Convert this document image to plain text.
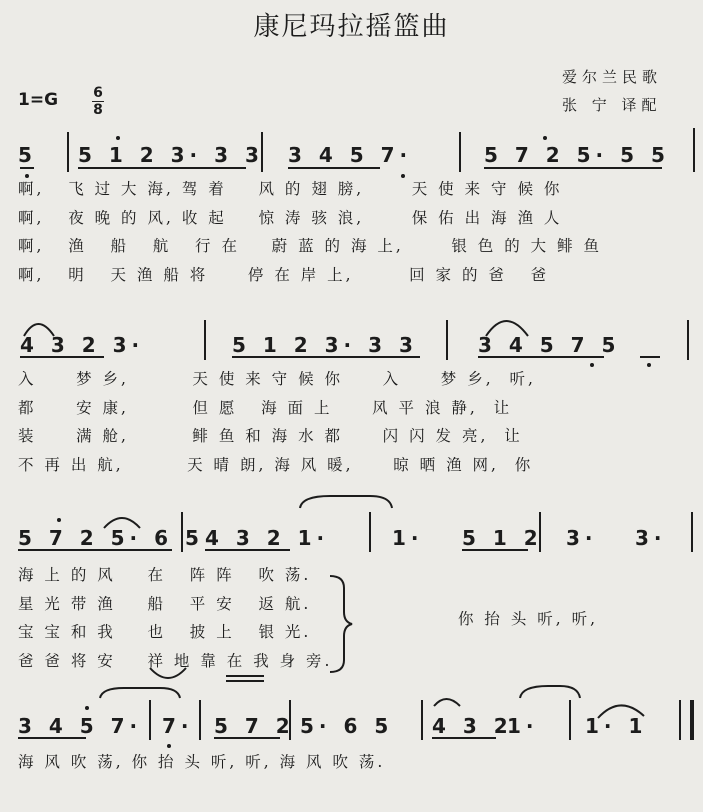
康尼玛拉摇篮曲
爱尔兰民歌
张 宁 译配
1=G	6
8
5 5 1 2 3· 3 3 3 4 5 7·	5 7 2 5· 5 5
啊,   飞 过 大 海, 驾 着    风 的 翅 膀,      天 使 来 守 候 你
啊,   夜 晚 的 风, 收 起    惊 涛 骇 浪,      保 佑 出 海 渔 人
啊,   渔   船   航   行 在    蔚 蓝 的 海 上,      银 色 的 大 鲱 鱼
啊,   明   天 渔 船 将     停 在 岸 上,       回 家 的 爸   爸
4 3 2 3·	5 1 2 3· 3 3	3 4 5 7 5
入     梦 乡,        天 使 来 守 候 你     入     梦 乡,  听,
都     安 康,        但 愿   海 面 上     风 平 浪 静,  让
装     满 舱,        鲱 鱼 和 海 水 都     闪 闪 发 亮,  让
不 再 出 航,        天 晴 朗, 海 风 暖,     晾 晒 渔 网,  你
5 7 2 5· 6 5 4 3 2 1·	1· 5 1 2 3· 3·
海 上 的 风    在   阵 阵   吹 荡.
星 光 带 渔    船   平 安   返 航.
宝 宝 和 我    也   披 上   银 光.
爸 爸 将 安    祥 地 靠 在 我 身 旁.
你 抬 头 听, 听,
3 4 5 7· 7· 5 7 2 5· 6 5 4 3 2
1· 1· 1
海 风 吹 荡, 你 抬 头 听, 听, 海 风 吹 荡.
